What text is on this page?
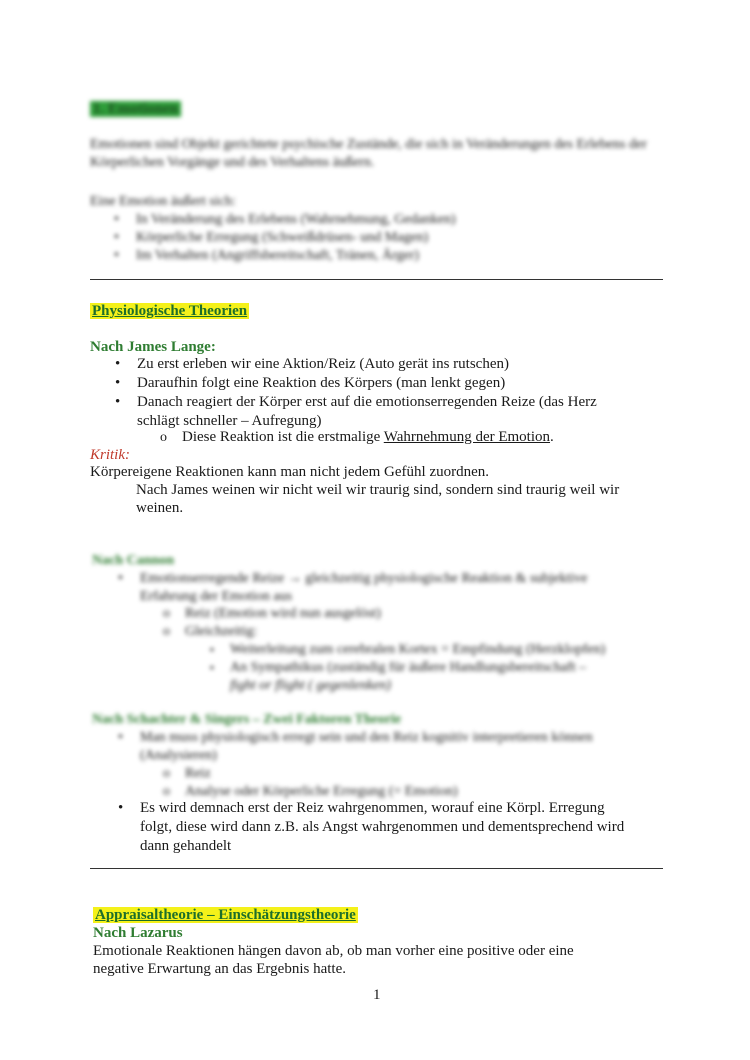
1. Emotionen
Emotionen sind Objekt gerichtete psychische Zustände, die sich in Veränderungen des Erlebens der Körperlichen Vorgänge und des Verhaltens äußern.
Eine Emotion äußert sich:
• In Veränderung des Erlebens (Wahrnehmung, Gedanken)
• Körperliche Erregung (Schweißdrüsen- und Magen)
• Im Verhalten (Angriffsbereitschaft, Tränen, Ärger)
Physiologische Theorien
Nach James Lange:
• Zu erst erleben wir eine Aktion/Reiz (Auto gerät ins rutschen)
• Daraufhin folgt eine Reaktion des Körpers (man lenkt gegen)
• Danach reagiert der Körper erst auf die emotionserregenden Reize (das Herz
schlägt schneller – Aufregung)
o Diese Reaktion ist die erstmalige Wahrnehmung der Emotion.
Kritik:
Körpereigene Reaktionen kann man nicht jedem Gefühl zuordnen.
Nach James weinen wir nicht weil wir traurig sind, sondern sind traurig weil wir
weinen.
Nach Cannon
• Emotionserregende Reize → gleichzeitig physiologische Reaktion & subjektive
Erfahrung der Emotion aus
o Reiz (Emotion wird nun ausgelöst)
o Gleichzeitig:
▪ Weiterleitung zum cerebralen Kortex = Empfindung (Herzklopfen)
▪ An Sympathikus (zuständig für äußere Handlungsbereitschaft –
fight or flight ( gegenlenken)
Nach Schachter & Singers – Zwei Faktoren Theorie
• Man muss physiologisch erregt sein und den Reiz kognitiv interpretieren können
(Analysieren)
o Reiz
o Analyse oder Körperliche Erregung (= Emotion)
• Es wird demnach erst der Reiz wahrgenommen, worauf eine Körpl. Erregung
folgt, diese wird dann z.B. als Angst wahrgenommen und dementsprechend wird
dann gehandelt
Appraisaltheorie – Einschätzungstheorie
Nach Lazarus
Emotionale Reaktionen hängen davon ab, ob man vorher eine positive oder eine
negative Erwartung an das Ergebnis hatte.
1
